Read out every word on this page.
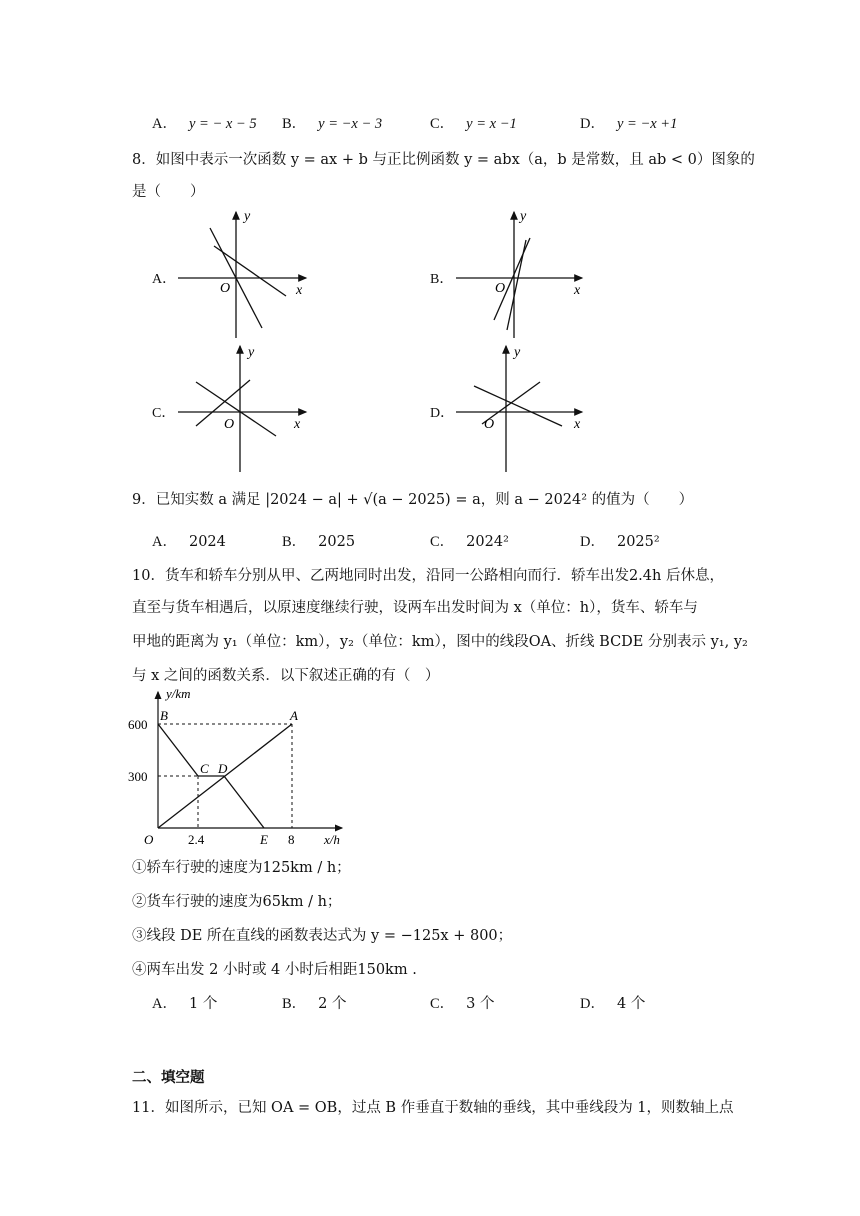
A． y = − x − 5 B． y = −x − 3	C． y = x −1	D． y = −x +1
8．如图中表示一次函数 y = ax + b 与正比例函数 y = abx（a，b 是常数，且 ab < 0）图象的
是（　　）
A．	B．
C．	D．
y
x
O
y
x
O
y
x
O
y
x
O
9．已知实数 a 满足 |2024 − a| + √(a − 2025) = a，则 a − 2024² 的值为（　　）
A． 2024	B． 2025	C． 2024²	D． 2025²
10．货车和轿车分别从甲、乙两地同时出发，沿同一公路相向而行．轿车出发2.4h 后休息，
直至与货车相遇后，以原速度继续行驶，设两车出发时间为 x（单位：h），货车、轿车与
甲地的距离为 y₁（单位：km），y₂（单位：km），图中的线段OA、折线 BCDE 分别表示 y₁, y₂
与 x 之间的函数关系．以下叙述正确的有（　）
y/km
x/h
600
300
2.4	8
O
B	A
C D
E
①轿车行驶的速度为125km / h；
②货车行驶的速度为65km / h；
③线段 DE 所在直线的函数表达式为 y = −125x + 800；
④两车出发 2 小时或 4 小时后相距150km .
A． 1 个	B． 2 个	C． 3 个	D． 4 个
二、填空题
11．如图所示，已知 OA = OB，过点 B 作垂直于数轴的垂线，其中垂线段为 1，则数轴上点
